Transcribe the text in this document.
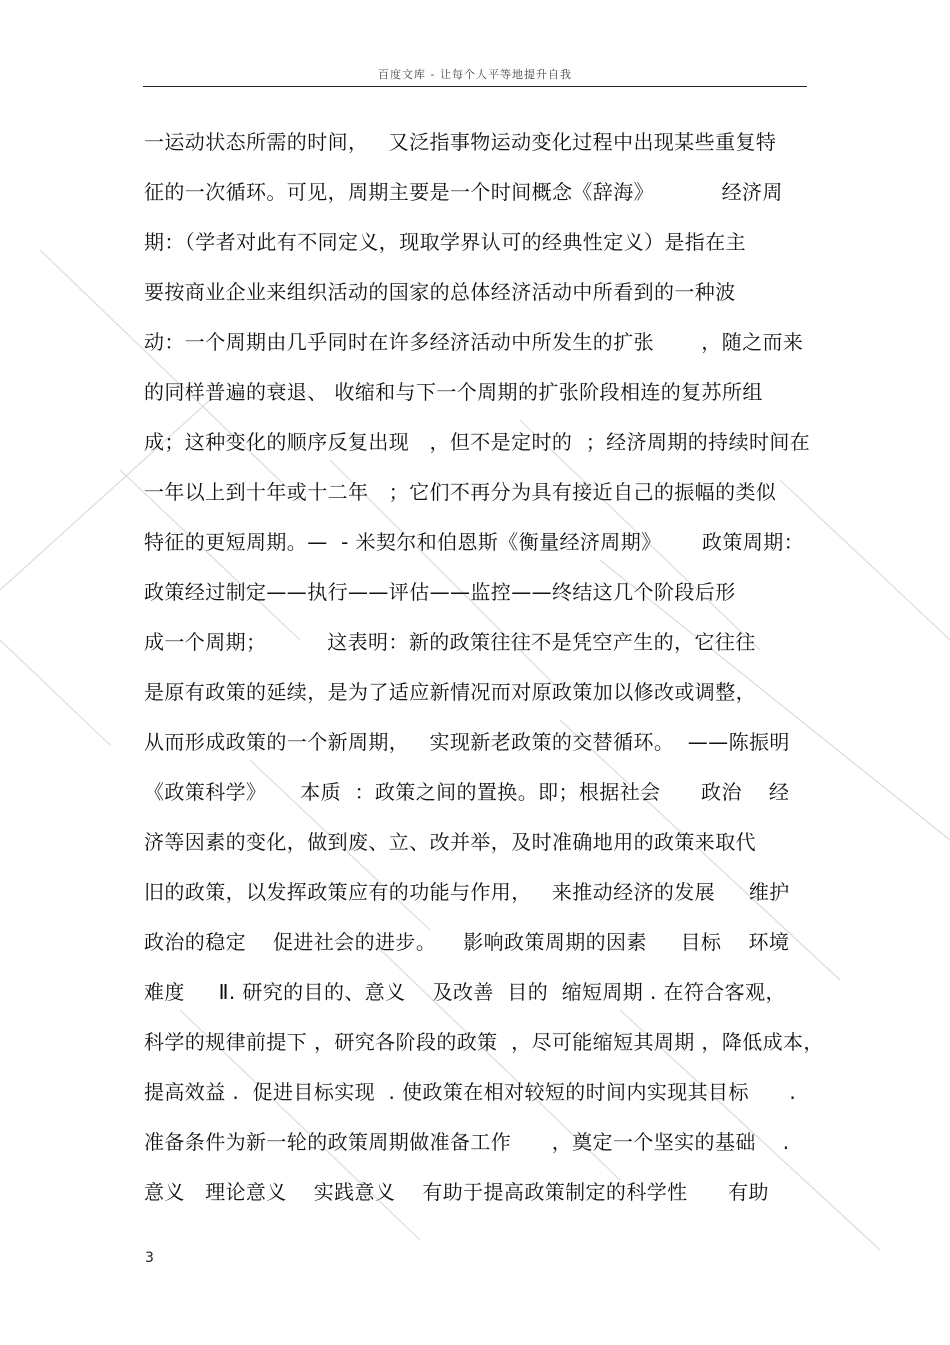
百度文库 - 让每个人平等地提升自我
一运动状态所需的时间，   又泛指事物运动变化过程中出现某些重复特
征的一次循环。可见，周期主要是一个时间概念《辞海》          经济周
期：（学者对此有不同定义，现取学界认可的经典性定义）是指在主
要按商业企业来组织活动的国家的总体经济活动中所看到的一种波
动：一个周期由几乎同时在许多经济活动中所发生的扩张       ，随之而来
的同样普遍的衰退、 收缩和与下一个周期的扩张阶段相连的复苏所组
成；这种变化的顺序反复出现   ，但不是定时的  ；经济周期的持续时间在
一年以上到十年或十二年   ；它们不再分为具有接近自己的振幅的类似
特征的更短周期。—  - 米契尔和伯恩斯《衡量经济周期》      政策周期：
政策经过制定——执行——评估——监控——终结这几个阶段后形
成一个周期；         这表明：新的政策往往不是凭空产生的，它往往
是原有政策的延续，是为了适应新情况而对原政策加以修改或调整，
从而形成政策的一个新周期，   实现新老政策的交替循环。  ——陈振明
《政策科学》     本质  ：政策之间的置换。即；根据社会      政治    经
济等因素的变化，做到废、立、改并举，及时准确地用的政策来取代
旧的政策，以发挥政策应有的功能与作用，   来推动经济的发展     维护
政治的稳定    促进社会的进步。    影响政策周期的因素     目标    环境
难度     Ⅱ. 研究的目的、意义    及改善  目的  缩短周期 . 在符合客观，
科学的规律前提下 ，研究各阶段的政策  ，尽可能缩短其周期 ，降低成本，
提高效益 .  促进目标实现  . 使政策在相对较短的时间内实现其目标      .
准备条件为新一轮的政策周期做准备工作      ，奠定一个坚实的基础    .
意义   理论意义    实践意义    有助于提高政策制定的科学性      有助
3
